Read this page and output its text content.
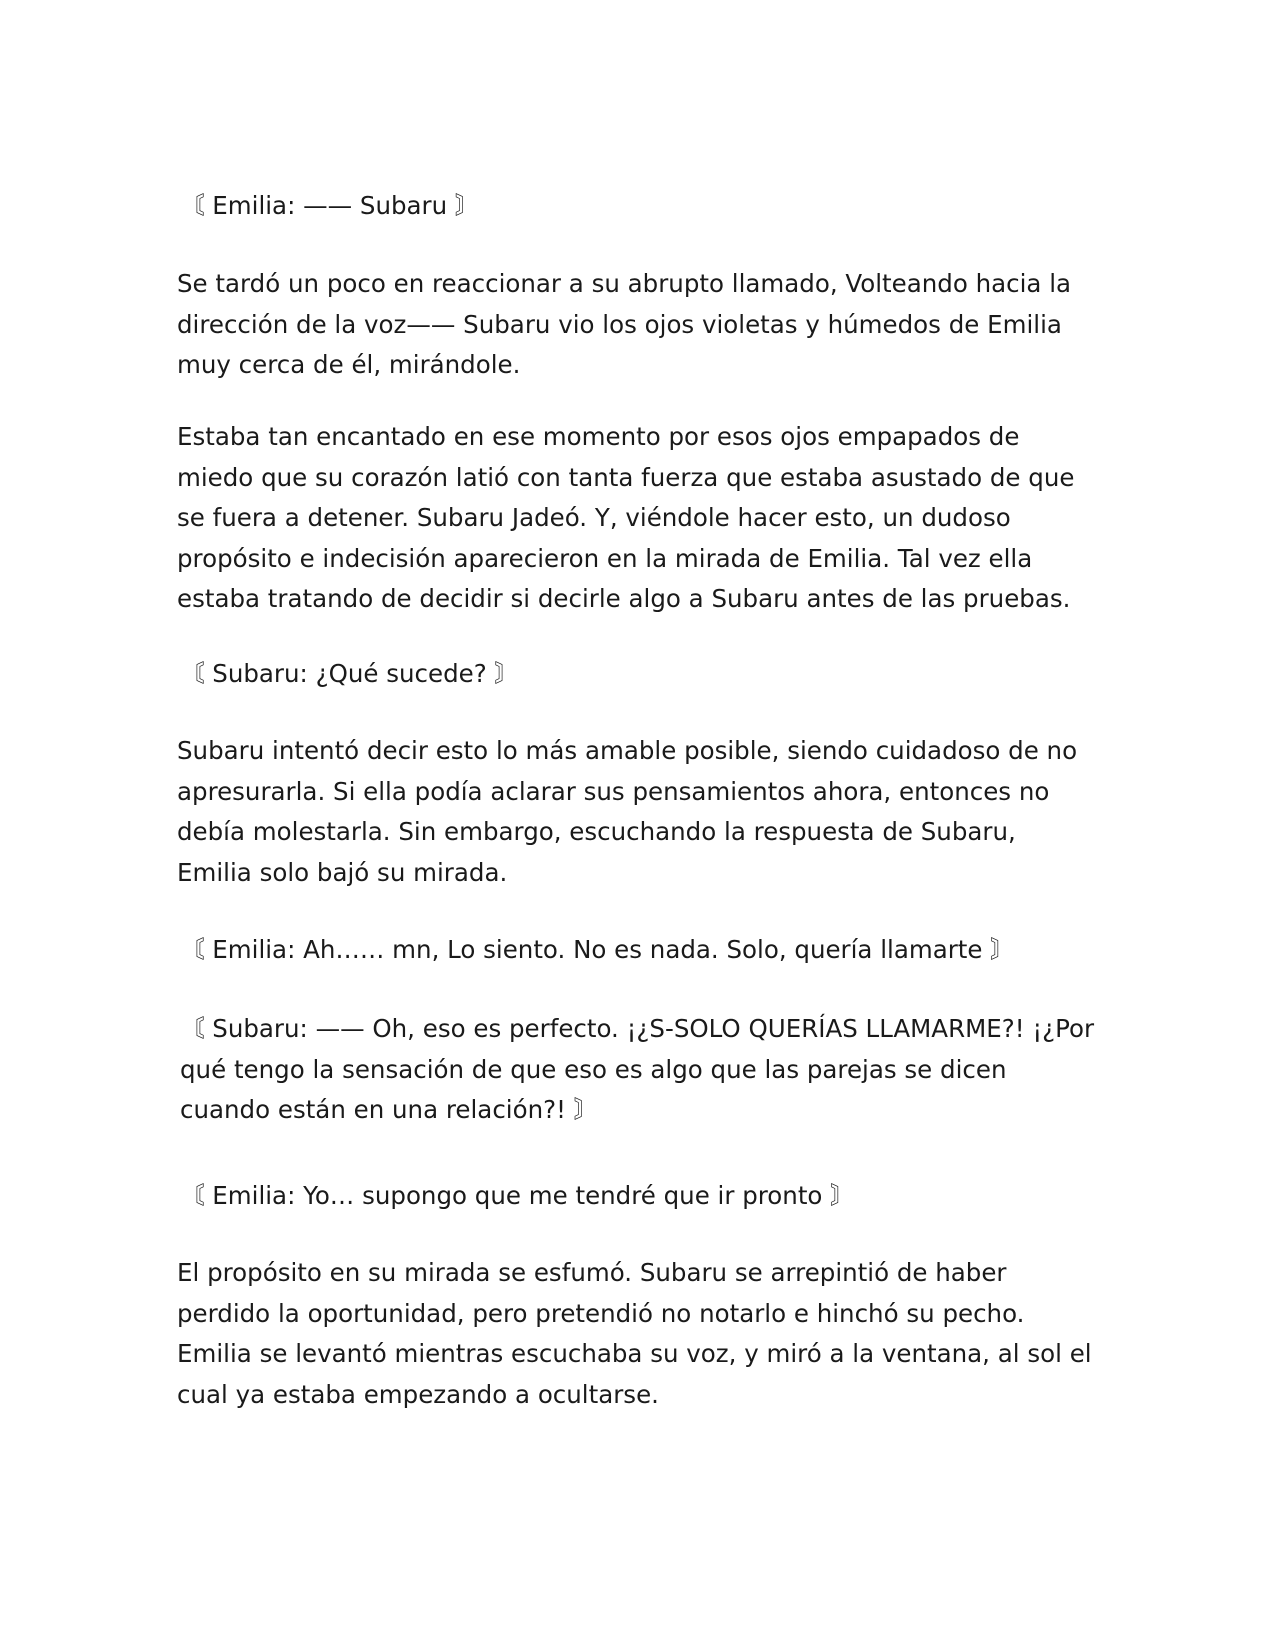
〘 Emilia: —— Subaru 〙

Se tardó un poco en reaccionar a su abrupto llamado, Volteando hacia la dirección de la voz—— Subaru vio los ojos violetas y húmedos de Emilia muy cerca de él, mirándole.

Estaba tan encantado en ese momento por esos ojos empapados de miedo que su corazón latió con tanta fuerza que estaba asustado de que se fuera a detener. Subaru Jadeó. Y, viéndole hacer esto, un dudoso propósito e indecisión aparecieron en la mirada de Emilia. Tal vez ella estaba tratando de decidir si decirle algo a Subaru antes de las pruebas.

〘 Subaru: ¿Qué sucede? 〙

Subaru intentó decir esto lo más amable posible, siendo cuidadoso de no apresurarla. Si ella podía aclarar sus pensamientos ahora, entonces no debía molestarla. Sin embargo, escuchando la respuesta de Subaru, Emilia solo bajó su mirada.

〘 Emilia: Ah…… mn, Lo siento. No es nada. Solo, quería llamarte 〙

〘 Subaru: —— Oh, eso es perfecto. ¡¿S-SOLO QUERÍAS LLAMARME?! ¡¿Por qué tengo la sensación de que eso es algo que las parejas se dicen cuando están en una relación?! 〙

〘 Emilia: Yo… supongo que me tendré que ir pronto 〙

El propósito en su mirada se esfumó. Subaru se arrepintió de haber perdido la oportunidad, pero pretendió no notarlo e hinchó su pecho. Emilia se levantó mientras escuchaba su voz, y miró a la ventana, al sol el cual ya estaba empezando a ocultarse.
